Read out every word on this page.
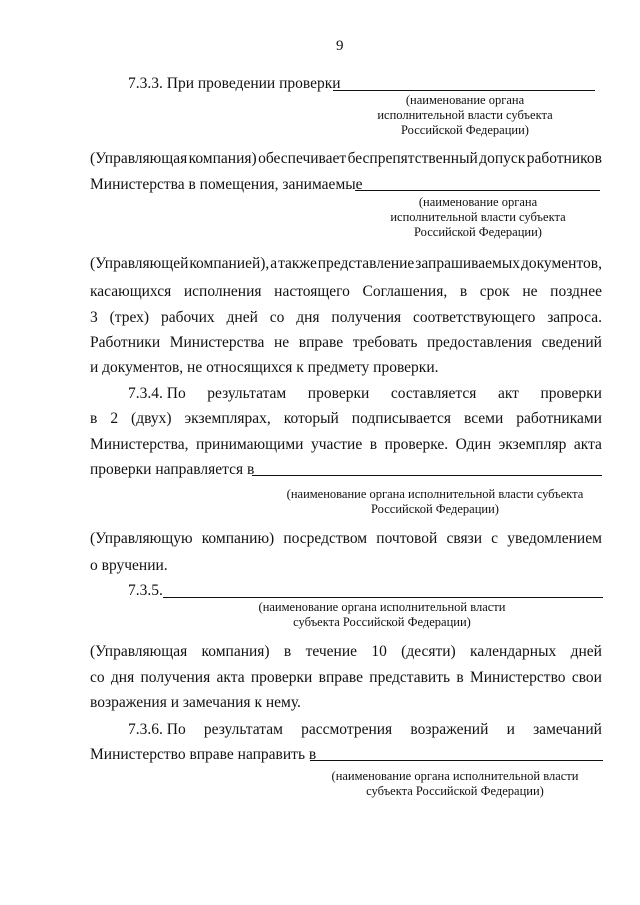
9
7.3.3. При проведении проверки
(наименование органа
исполнительной власти субъекта
Российской Федерации)
(Управляющая компания) обеспечивает беспрепятственный допуск работников
Министерства в помещения, занимаемые
(наименование органа
исполнительной власти субъекта
Российской Федерации)
(Управляющей компанией), а также представление запрашиваемых документов,
касающихся исполнения настоящего Соглашения, в срок не позднее
3 (трех) рабочих дней со дня получения соответствующего запроса.
Работники Министерства не вправе требовать предоставления сведений
и документов, не относящихся к предмету проверки.
7.3.4. По результатам проверки составляется акт проверки
в 2 (двух) экземплярах, который подписывается всеми работниками
Министерства, принимающими участие в проверке. Один экземпляр акта
проверки направляется в
(наименование органа исполнительной власти субъекта
Российской Федерации)
(Управляющую компанию) посредством почтовой связи с уведомлением
о вручении.
7.3.5.
(наименование органа исполнительной власти
субъекта Российской Федерации)
(Управляющая компания) в течение 10 (десяти) календарных дней
со дня получения акта проверки вправе представить в Министерство свои
возражения и замечания к нему.
7.3.6. По результатам рассмотрения возражений и замечаний
Министерство вправе направить в
(наименование органа исполнительной власти
субъекта Российской Федерации)
